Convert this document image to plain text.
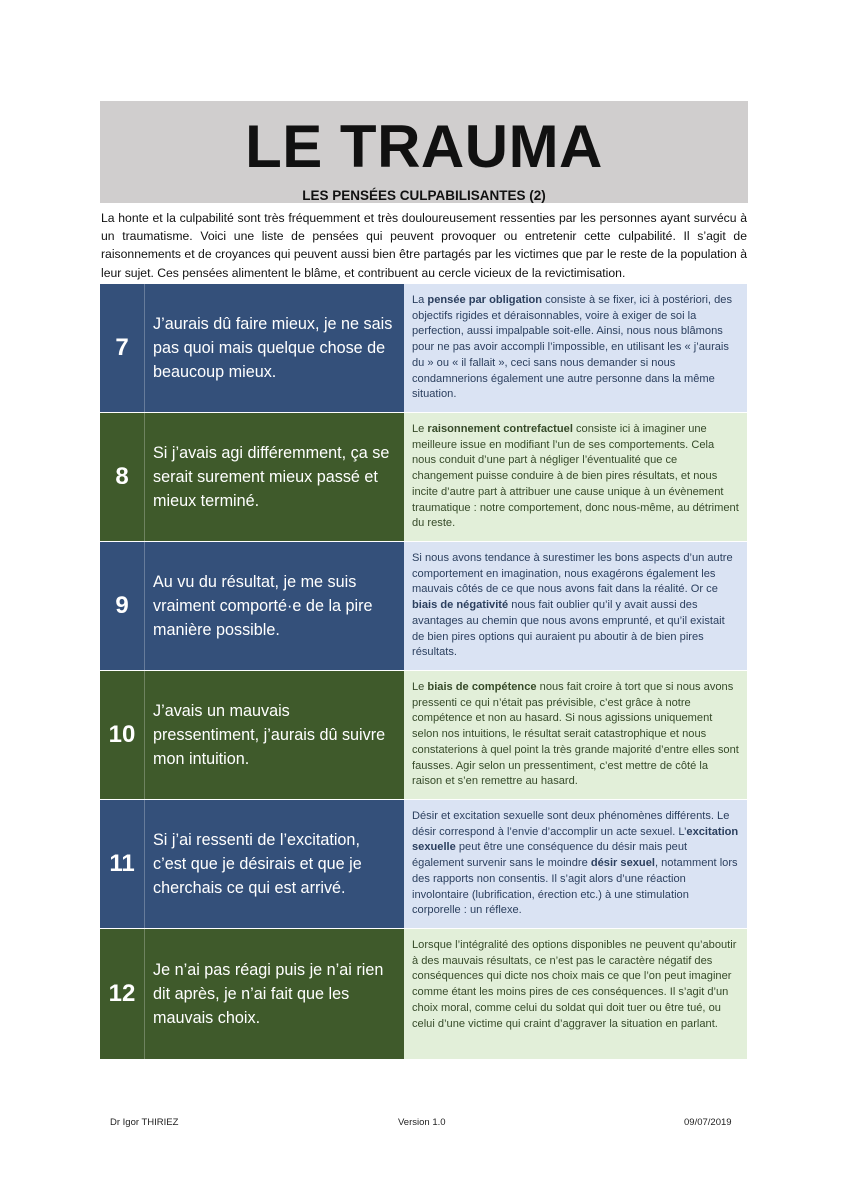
LE TRAUMA
LES PENSÉES CULPABILISANTES (2)
La honte et la culpabilité sont très fréquemment et très douloureusement ressenties par les personnes ayant survécu à un traumatisme. Voici une liste de pensées qui peuvent provoquer ou entretenir cette culpabilité. Il s’agit de raisonnements et de croyances qui peuvent aussi bien être partagés par les victimes que par le reste de la population à leur sujet. Ces pensées alimentent le blâme, et contribuent au cercle vicieux de la revictimisation.
7
J’aurais dû faire mieux, je ne sais pas quoi mais quelque chose de beaucoup mieux.
La pensée par obligation consiste à se fixer, ici à postériori, des objectifs rigides et déraisonnables, voire à exiger de soi la perfection, aussi impalpable soit-elle. Ainsi, nous nous blâmons pour ne pas avoir accompli l’impossible, en utilisant les « j’aurais du » ou « il fallait », ceci sans nous demander si nous condamnerions également une autre personne dans la même situation.
8
Si j’avais agi différemment, ça se serait surement mieux passé et mieux terminé.
Le raisonnement contrefactuel consiste ici à imaginer une meilleure issue en modifiant l’un de ses comportements. Cela nous conduit d’une part à négliger l’éventualité que ce changement puisse conduire à de bien pires résultats, et nous incite d’autre part à attribuer une cause unique à un évènement traumatique : notre comportement, donc nous-même, au détriment du reste.
9
Au vu du résultat, je me suis vraiment comporté·e de la pire manière possible.
Si nous avons tendance à surestimer les bons aspects d’un autre comportement en imagination, nous exagérons également les mauvais côtés de ce que nous avons fait dans la réalité. Or ce biais de négativité nous fait oublier qu’il y avait aussi des avantages au chemin que nous avons emprunté, et qu’il existait de bien pires options qui auraient pu aboutir à de bien pires résultats.
10
J’avais un mauvais pressentiment, j’aurais dû suivre mon intuition.
Le biais de compétence nous fait croire à tort que si nous avons pressenti ce qui n’était pas prévisible, c’est grâce à notre compétence et non au hasard. Si nous agissions uniquement selon nos intuitions, le résultat serait catastrophique et nous constaterions à quel point la très grande majorité d’entre elles sont fausses. Agir selon un pressentiment, c’est mettre de côté la raison et s’en remettre au hasard.
11
Si j’ai ressenti de l’excitation, c’est que je désirais et que je cherchais ce qui est arrivé.
Désir et excitation sexuelle sont deux phénomènes différents. Le désir correspond à l’envie d’accomplir un acte sexuel. L’excitation sexuelle peut être une conséquence du désir mais peut également survenir sans le moindre désir sexuel, notamment lors des rapports non consentis. Il s’agit alors d’une réaction involontaire (lubrification, érection etc.) à une stimulation corporelle : un réflexe.
12
Je n’ai pas réagi puis je n’ai rien dit après, je n’ai fait que les mauvais choix.
Lorsque l’intégralité des options disponibles ne peuvent qu’aboutir à des mauvais résultats, ce n’est pas le caractère négatif des conséquences qui dicte nos choix mais ce que l’on peut imaginer comme étant les moins pires de ces conséquences. Il s’agit d’un choix moral, comme celui du soldat qui doit tuer ou être tué, ou celui d’une victime qui craint d’aggraver la situation en parlant.
Dr Igor THIRIEZ	Version 1.0	09/07/2019
